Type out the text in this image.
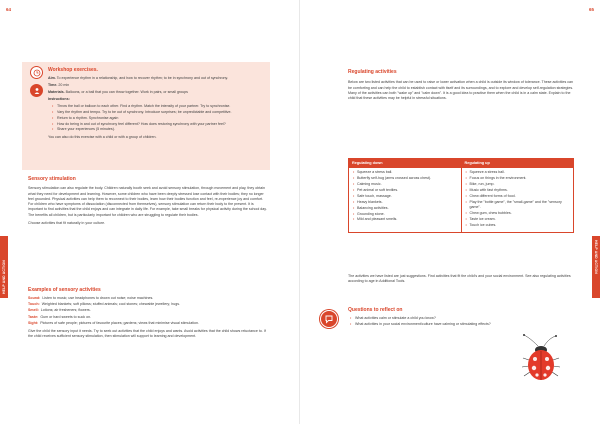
64
Workshop exercises.

Aim. To experience rhythm in a relationship, and how to recover rhythm; to be in synchrony and out of synchrony.

Time. 20 min

Materials. Balloons, or a ball that you can throw together. Work in pairs, or small groups

Instructions:

• Throw the ball or balloon to each other. Find a rhythm. Match the intensity of your partner. Try to synchronise.
• Vary the rhythm and tempo. Try to be out of synchrony. Introduce surprises; be unpredictable and competitive.
• Return to a rhythm. Synchronise again
• How do being in and out of synchrony feel different? How does restoring synchrony with your partner feel?
• Share your experiences (5 minutes).

You can also do this exercise with a child or with a group of children.

Sensory stimulation

Sensory stimulation can also regulate the body. Children naturally booth seek and avoid sensory stimulation, through movement and play, they obtain what they need for development and learning. However, some children who have been deeply stressed lose contact with their bodies; they no longer feel grounded. Physical activities can help them to reconnect to their bodies, learn how their bodies function and feel, re-experience joy and comfort. For children who have symptoms of dissociation (disconnected from themselves), sensory stimulation can return their body to the present. It is important to find activities that the child enjoys and can integrate in daily life. For example, take small breaks for physical activity during the school day. The benefits all children, but is particularly important for children who are struggling to regulate their bodies.

Choose activities that fit naturally in your culture.

Examples of sensory activities
Sound: Listen to music; use headphones to drown out noise; noise machines.
Touch: Weighted blankets; soft pillows; stuffed animals; cool stones; chewable jewellery; hugs.
Smell: Lotions; air fresheners; flowers.
Taste: Gum or hard sweets to suck on.
Sight: Pictures of safe people; pictures of favourite places; gardens; views that minimise visual stimulation.

Give the child the sensory input it needs. Try to seek out activities that the child enjoys and wants. Avoid activities that the child shows reluctance to. If the child receives sufficient sensory stimulation, then stimulation will support to learning and development.

HELP AND ACTION
65
Regulating activities

Below are two listed activities that can be used to raise or lower activation when a child is outside its window of tolerance. These activities can be comforting and can help the child to establish contact with itself and its surroundings, and to explore and develop self-regulation strategies. Many of the activities can both "wake up" and "calm down". It is a good idea to practise them when the child is in a calm state. Explain to the child that these activities may be helpful in stressful situations.

Regulating down
• Squeeze a stress ball.
• Butterfly self-hug (arms crossed across chest).
• Calming music.
• Pet animal or soft textiles.
• Safe touch, massage.
• Heavy blankets.
• Balancing activities.
• Grounding stone.
• Mild and pleasant smells.
Regulating up
• Squeeze a stress ball.
• Focus on things in the environment.
• Bike, run, jump.
• Music with fast rhythms.
• Chew different forms of food.
• Play the "bottle game", the "small-game" and the "sensory game".
• Chew gum, chew bubbles.
• Taste ice cream.
• Touch ice cubes.

The activities we have listed are just suggestions. Find activities that fit the child's and your social environment. See also regulating activities according to age in Additional Tools.

Questions to reflect on
• What activities calm or stimulate a child you know?
• What activities in your social environment/culture have calming or stimulating effects?
HELP AND ACTION
